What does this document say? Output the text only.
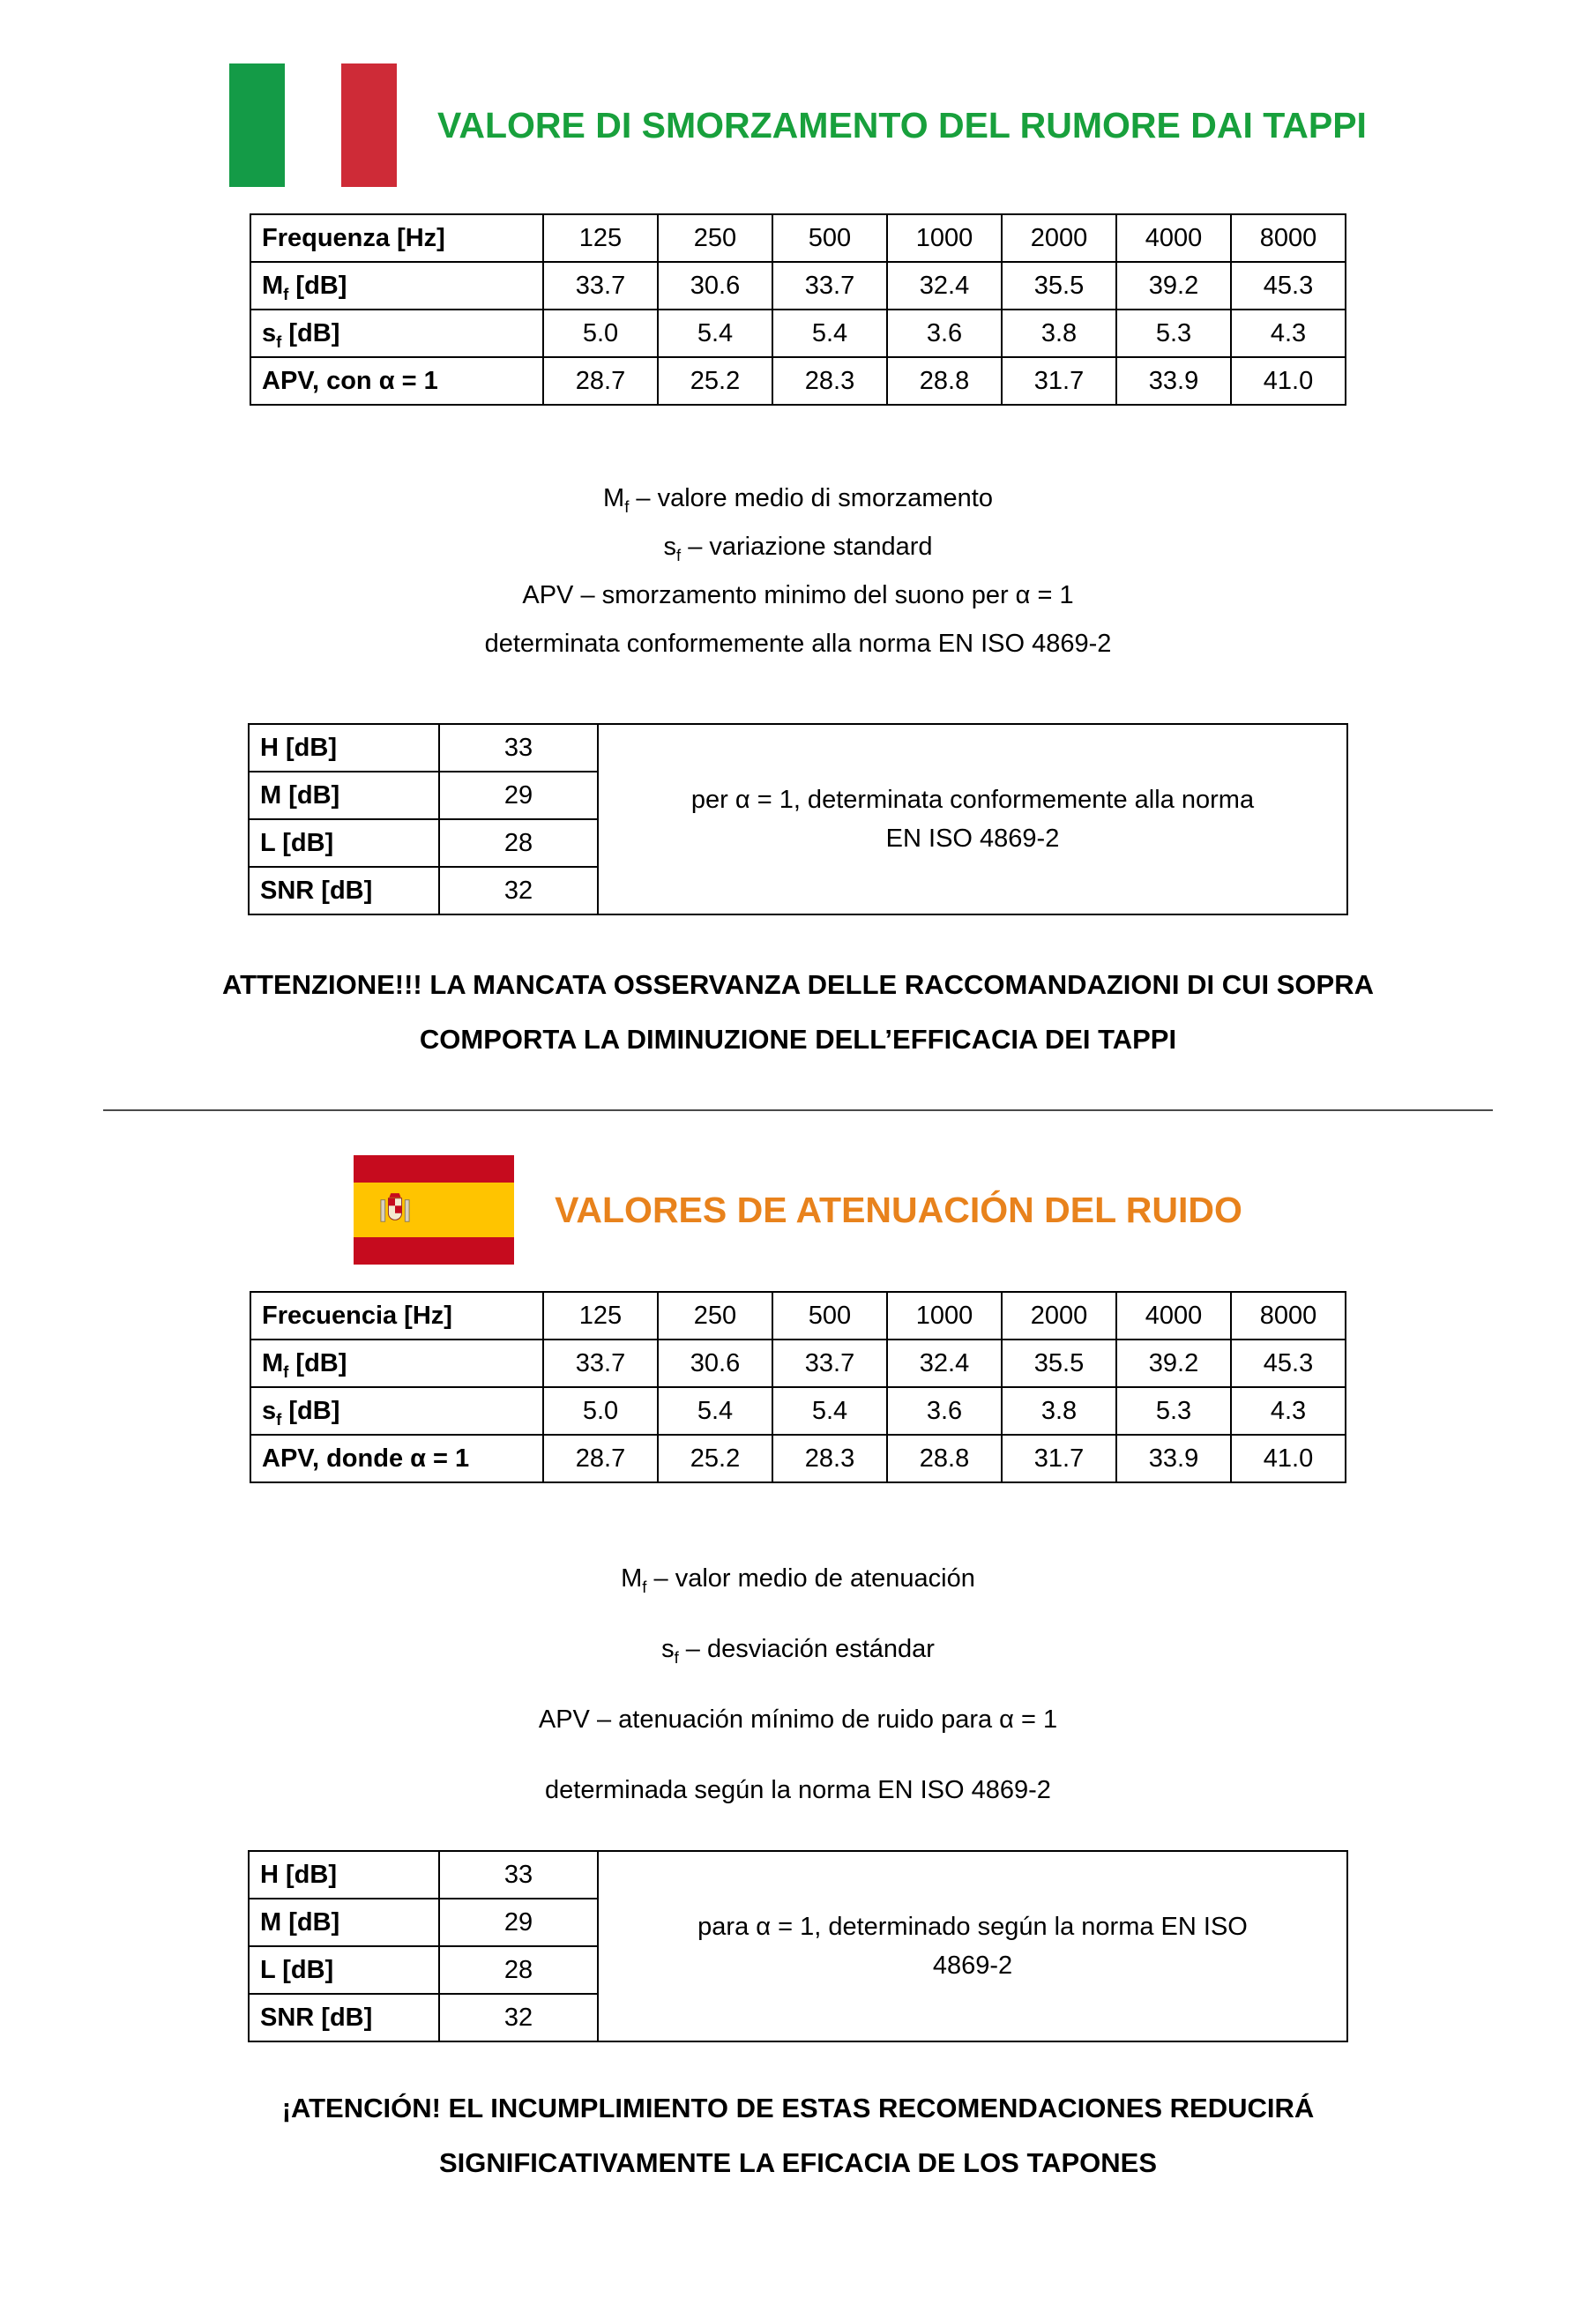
VALORE DI SMORZAMENTO DEL RUMORE DAI TAPPI
Frequenza [Hz]	125	250	500	1000	2000	4000	8000
$M_f$ [dB]	33.7	30.6	33.7	32.4	35.5	39.2	45.3
$s_f$ [dB]	5.0	5.4	5.4	3.6	3.8	5.3	4.3
APV, con α = 1	28.7	25.2	28.3	28.8	31.7	33.9	41.0

$M_f$ – valore medio di smorzamento

$s_f$ – variazione standard

APV – smorzamento minimo del suono per α = 1

determinata conformemente alla norma EN ISO 4869-2

H [dB]	33	per α = 1, determinata conformemente alla norma EN ISO 4869-2
M [dB]	29	
L [dB]	28	
SNR [dB]	32	

ATTENZIONE!!! LA MANCATA OSSERVANZA DELLE RACCOMANDAZIONI DI CUI SOPRA COMPORTA LA DIMINUZIONE DELL’EFFICACIA DEI TAPPI

VALORES DE ATENUACIÓN DEL RUIDO
Frecuencia [Hz]	125	250	500	1000	2000	4000	8000
$M_f$ [dB]	33.7	30.6	33.7	32.4	35.5	39.2	45.3
$s_f$ [dB]	5.0	5.4	5.4	3.6	3.8	5.3	4.3
APV, donde α = 1	28.7	25.2	28.3	28.8	31.7	33.9	41.0

$M_f$ – valor medio de atenuación

$s_f$ – desviación estándar

APV – atenuación mínimo de ruido para α = 1

determinada según la norma EN ISO 4869-2

H [dB]	33	para α = 1, determinado según la norma EN ISO 4869-2
M [dB]	29	
L [dB]	28	
SNR [dB]	32	

¡ATENCIÓN! EL INCUMPLIMIENTO DE ESTAS RECOMENDACIONES REDUCIRÁ SIGNIFICATIVAMENTE LA EFICACIA DE LOS TAPONES
